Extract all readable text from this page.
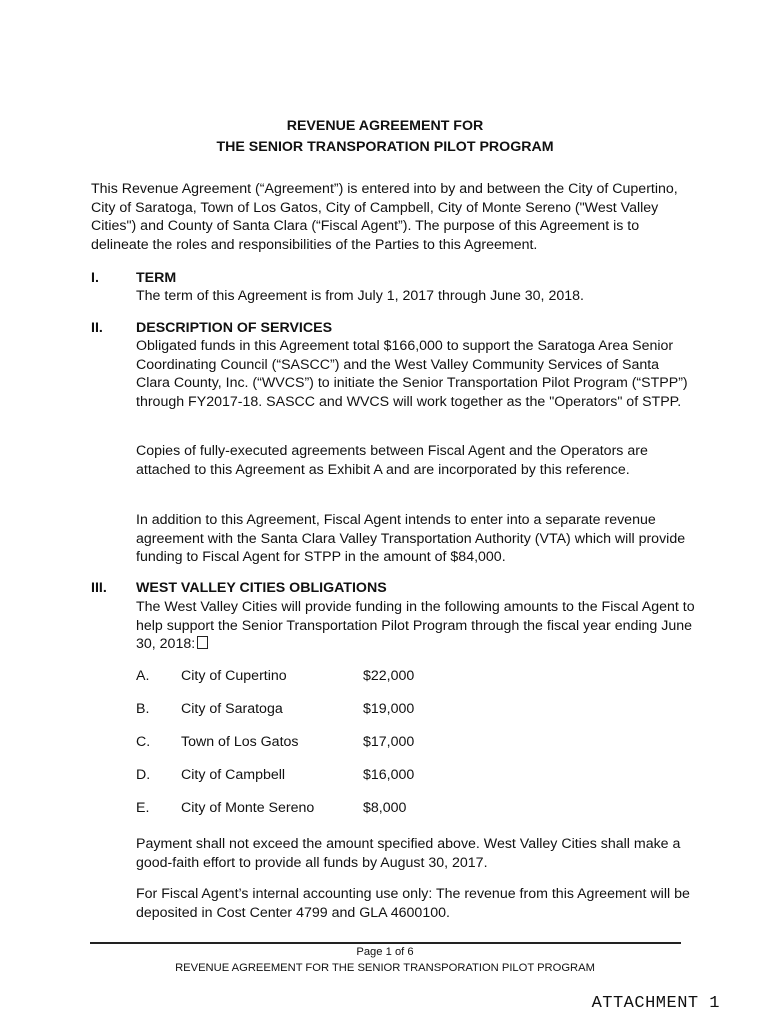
REVENUE AGREEMENT FOR
THE SENIOR TRANSPORATION PILOT PROGRAM

This Revenue Agreement (“Agreement”) is entered into by and between the City of Cupertino, City of Saratoga, Town of Los Gatos, City of Campbell, City of Monte Sereno ("West Valley Cities") and County of Santa Clara (“Fiscal Agent”). The purpose of this Agreement is to delineate the roles and responsibilities of the Parties to this Agreement.

I.	TERM

The term of this Agreement is from July 1, 2017 through June 30, 2018.

II. DESCRIPTION OF SERVICES

Obligated funds in this Agreement total $166,000 to support the Saratoga Area Senior Coordinating Council (“SASCC”) and the West Valley Community Services of Santa Clara County, Inc. (“WVCS”) to initiate the Senior Transportation Pilot Program (“STPP”) through FY2017-18. SASCC and WVCS will work together as the "Operators" of STPP.

Copies of fully-executed agreements between Fiscal Agent and the Operators are attached to this Agreement as Exhibit A and are incorporated by this reference.

In addition to this Agreement, Fiscal Agent intends to enter into a separate revenue agreement with the Santa Clara Valley Transportation Authority (VTA) which will provide funding to Fiscal Agent for STPP in the amount of $84,000.

III. WEST VALLEY CITIES OBLIGATIONS

The West Valley Cities will provide funding in the following amounts to the Fiscal Agent to help support the Senior Transportation Pilot Program through the fiscal year ending June 30, 2018:

A. City of Cupertino	$22,000
B. City of Saratoga	$19,000
C. Town of Los Gatos	$17,000
D. City of Campbell	$16,000
E. City of Monte Sereno	$8,000

Payment shall not exceed the amount specified above. West Valley Cities shall make a good-faith effort to provide all funds by August 30, 2017.

For Fiscal Agent’s internal accounting use only: The revenue from this Agreement will be deposited in Cost Center 4799 and GLA 4600100.

Page 1 of 6
REVENUE AGREEMENT FOR THE SENIOR TRANSPORATION PILOT PROGRAM
ATTACHMENT 1
